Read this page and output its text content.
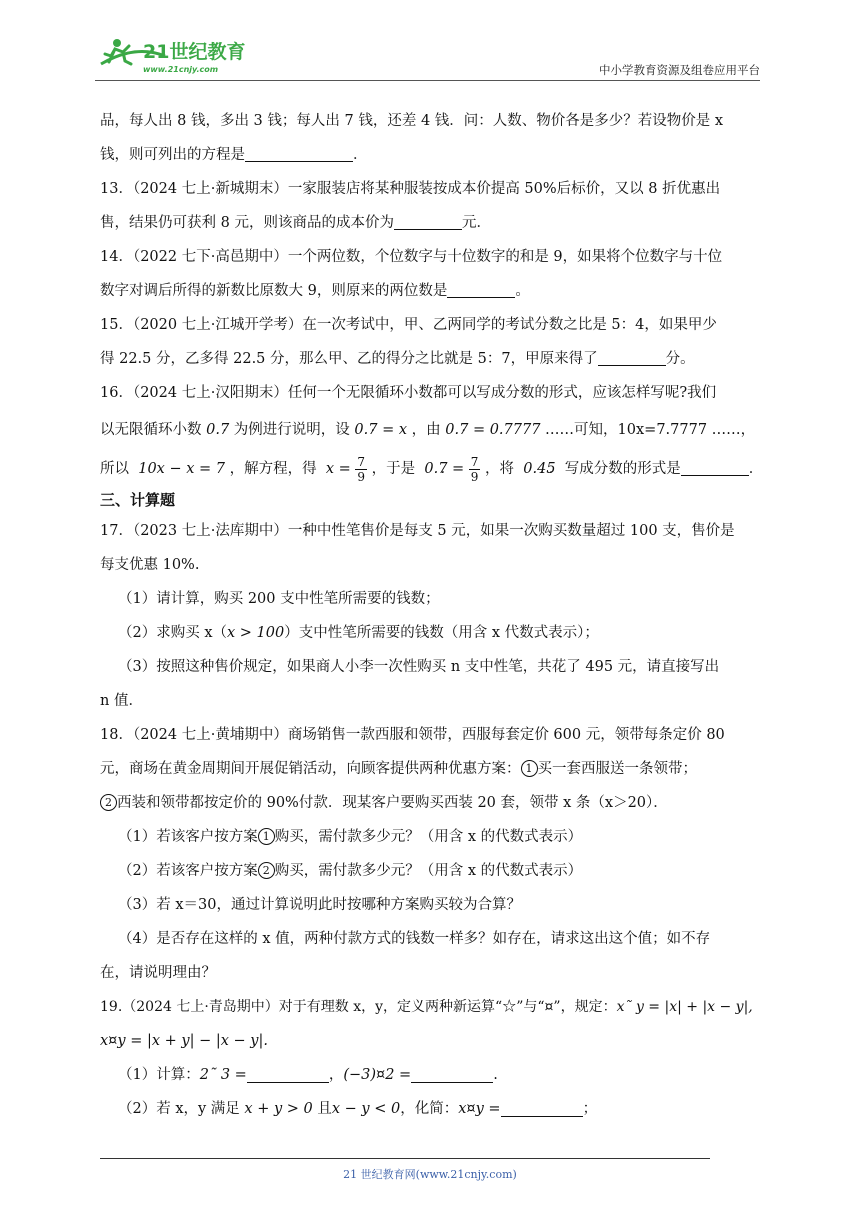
21世纪教育
www.21cnjy.com	中小学教育资源及组卷应用平台
品，每人出 8 钱，多出 3 钱；每人出 7 钱，还差 4 钱．问：人数、物价各是多少？若设物价是 x
钱，则可列出的方程是	．
13．（2024 七上·新城期末）一家服装店将某种服装按成本价提高 50%后标价，又以 8 折优惠出
售，结果仍可获利 8 元，则该商品的成本价为	元．
14．（2022 七下·高邑期中）一个两位数，个位数字与十位数字的和是 9，如果将个位数字与十位
数字对调后所得的新数比原数大 9，则原来的两位数是	。
15．（2020 七上·江城开学考）在一次考试中，甲、乙两同学的考试分数之比是 5：4，如果甲少
得 22.5 分，乙多得 22.5 分，那么甲、乙的得分之比就是 5：7，甲原来得了	分。
16．（2024 七上·汉阳期末）任何一个无限循环小数都可以写成分数的形式，应该怎样写呢?我们
以无限循环小数 0.· 7 为例进行说明，设 0.· 7 = 𝑥 ，由 0.· 7 = 0.7777 ……可知，10x=7.7777 ……，
所以 10𝑥 − 𝑥 = 7 ，解方程，得 𝑥 = $\frac{7}{9}$ ，于是 $0.\cdot 7 = \frac{7}{9}$ ，将 0.· 4· 5 写成分数的形式是	．
三、计算题
17．（2023 七上·法库期中）一种中性笔售价是每支 5 元，如果一次购买数量超过 100 支，售价是
每支优惠 10%.
（1）请计算，购买 200 支中性笔所需要的钱数；
（2）求购买 x（𝑥 > 100）支中性笔所需要的钱数（用含 x 代数式表示）；
（3）按照这种售价规定，如果商人小李一次性购买 n 支中性笔，共花了 495 元，请直接写出
n 值．
18．（2024 七上·黄埔期中）商场销售一款西服和领带，西服每套定价 600 元，领带每条定价 80
元，商场在黄金周期间开展促销活动，向顾客提供两种优惠方案： 1 买一套西服送一条领带；
2 西装和领带都按定价的 90%付款．现某客户要购买西装 20 套，领带 x 条（x＞20）．
（1）若该客户按方案 1 购买，需付款多少元？（用含 x 的代数式表示）
（2）若该客户按方案 2 购买，需付款多少元？（用含 x 的代数式表示）
（3）若 x＝30，通过计算说明此时按哪种方案购买较为合算？
（4）是否存在这样的 x 值，两种付款方式的钱数一样多？如存在，请求这出这个值；如不存
在，请说明理由？
19.（2024 七上·青岛期中）对于有理数 x，y，定义两种新运算“☆”与“¤”，规定：𝑥˜ 𝑦 = |𝑥| + |𝑥 − 𝑦|,
𝑥¤𝑦 = |𝑥 + 𝑦| − |𝑥 − 𝑦|.
（1）计算：2˜ 3 =	，(−3)¤2 =	.
（2）若 x，y 满足 𝑥 + 𝑦 > 0 且𝑥 − 𝑦 < 0，化简：𝑥¤𝑦 =	；
21 世纪教育网(www.21cnjy.com)
